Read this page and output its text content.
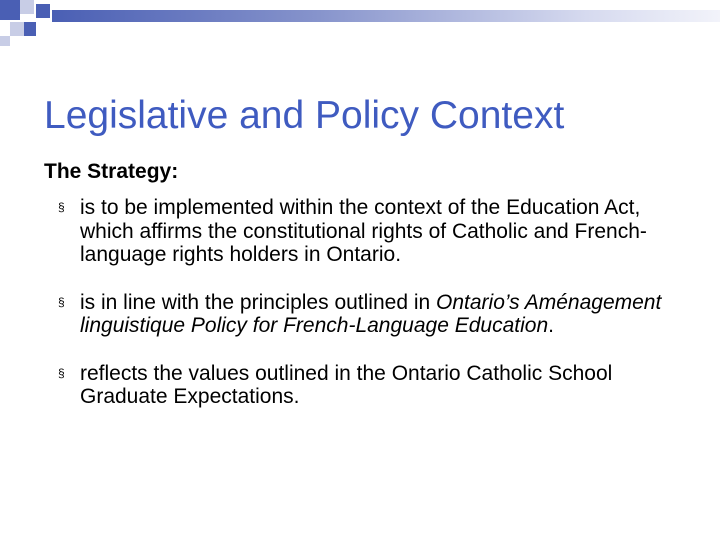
Legislative and Policy Context
The Strategy:
§ is to be implemented within the context of the Education Act, which affirms the constitutional rights of Catholic and French-language rights holders in Ontario.
§ is in line with the principles outlined in Ontario’s Aménagement linguistique Policy for French-Language Education.
§ reflects the values outlined in the Ontario Catholic School Graduate Expectations.
